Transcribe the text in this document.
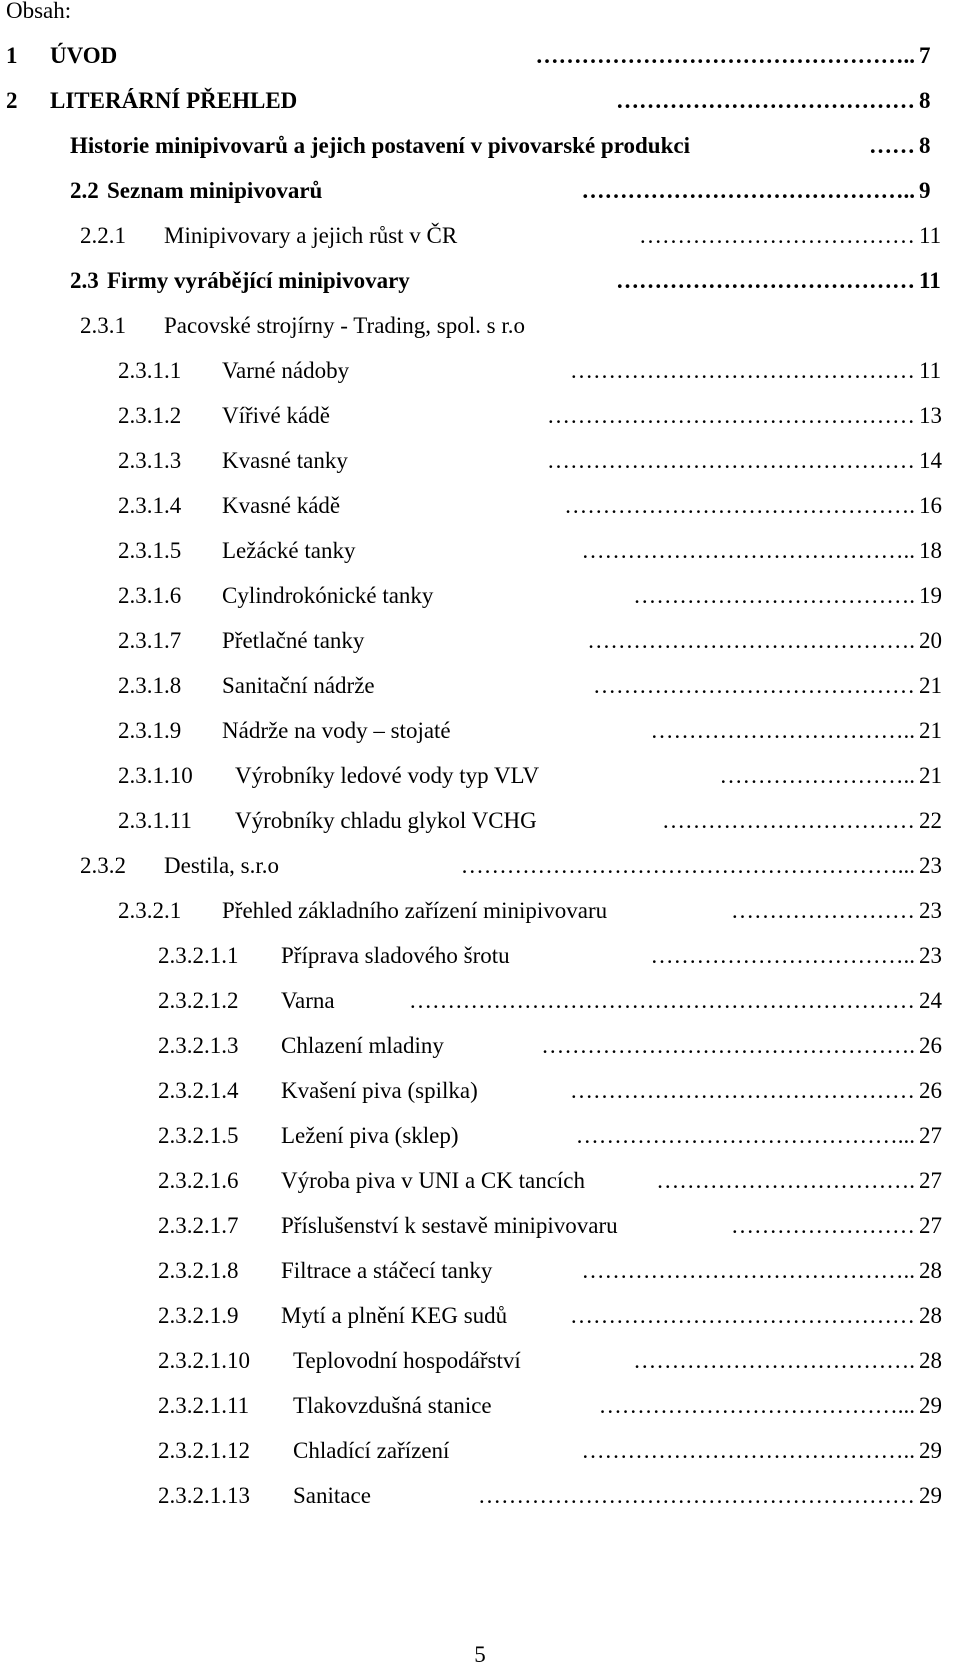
Obsah:
1 ÚVOD	………………………………………….. 7
2 LITERÁRNÍ PŘEHLED	………………………………… 8
Historie minipivovarů a jejich postavení v pivovarské produkci	…… 8
2.2 Seznam minipivovarů	…………………………………….. 9
2.2.1 Minipivovary a jejich růst v ČR	……………………………… 11
2.3 Firmy vyrábějící minipivovary	………………………………… 11
2.3.1 Pacovské strojírny - Trading, spol. s r.o
2.3.1.1 Varné nádoby	……………………………………… 11
2.3.1.2 Vířivé kádě	………………………………………… 13
2.3.1.3 Kvasné tanky	………………………………………… 14
2.3.1.4 Kvasné kádě	………………………………………. 16
2.3.1.5 Ležácké tanky	…………………………………….. 18
2.3.1.6 Cylindrokónické tanky	………………………………. 19
2.3.1.7 Přetlačné tanky	……………………………………. 20
2.3.1.8 Sanitační nádrže	…………………………………… 21
2.3.1.9 Nádrže na vody – stojaté	…………………………….. 21
2.3.1.10 Výrobníky ledové vody typ VLV	…………………….. 21
2.3.1.11 Výrobníky chladu glykol VCHG	…………………………… 22
2.3.2 Destila, s.r.o	…………………………………………………... 23
2.3.2.1 Přehled základního zařízení minipivovaru	…………………… 23
2.3.2.1.1 Příprava sladového šrotu	…………………………….. 23
2.3.2.1.2 Varna	………………………………………………………… 24
2.3.2.1.3 Chlazení mladiny	…………………………………………. 26
2.3.2.1.4 Kvašení piva (spilka)	……………………………………… 26
2.3.2.1.5 Ležení piva (sklep)	……………………………………... 27
2.3.2.1.6 Výroba piva v UNI a CK tancích	……………………………. 27
2.3.2.1.7 Příslušenství k sestavě minipivovaru	…………………… 27
2.3.2.1.8 Filtrace a stáčecí tanky	…………………………………….. 28
2.3.2.1.9 Mytí a plnění KEG sudů	……………………………………… 28
2.3.2.1.10 Teplovodní hospodářství	………………………………. 28
2.3.2.1.11 Tlakovzdušná stanice	…………………………………... 29
2.3.2.1.12 Chladící zařízení	…………………………………….. 29
2.3.2.1.13 Sanitace	………………………………………………… 29
5
